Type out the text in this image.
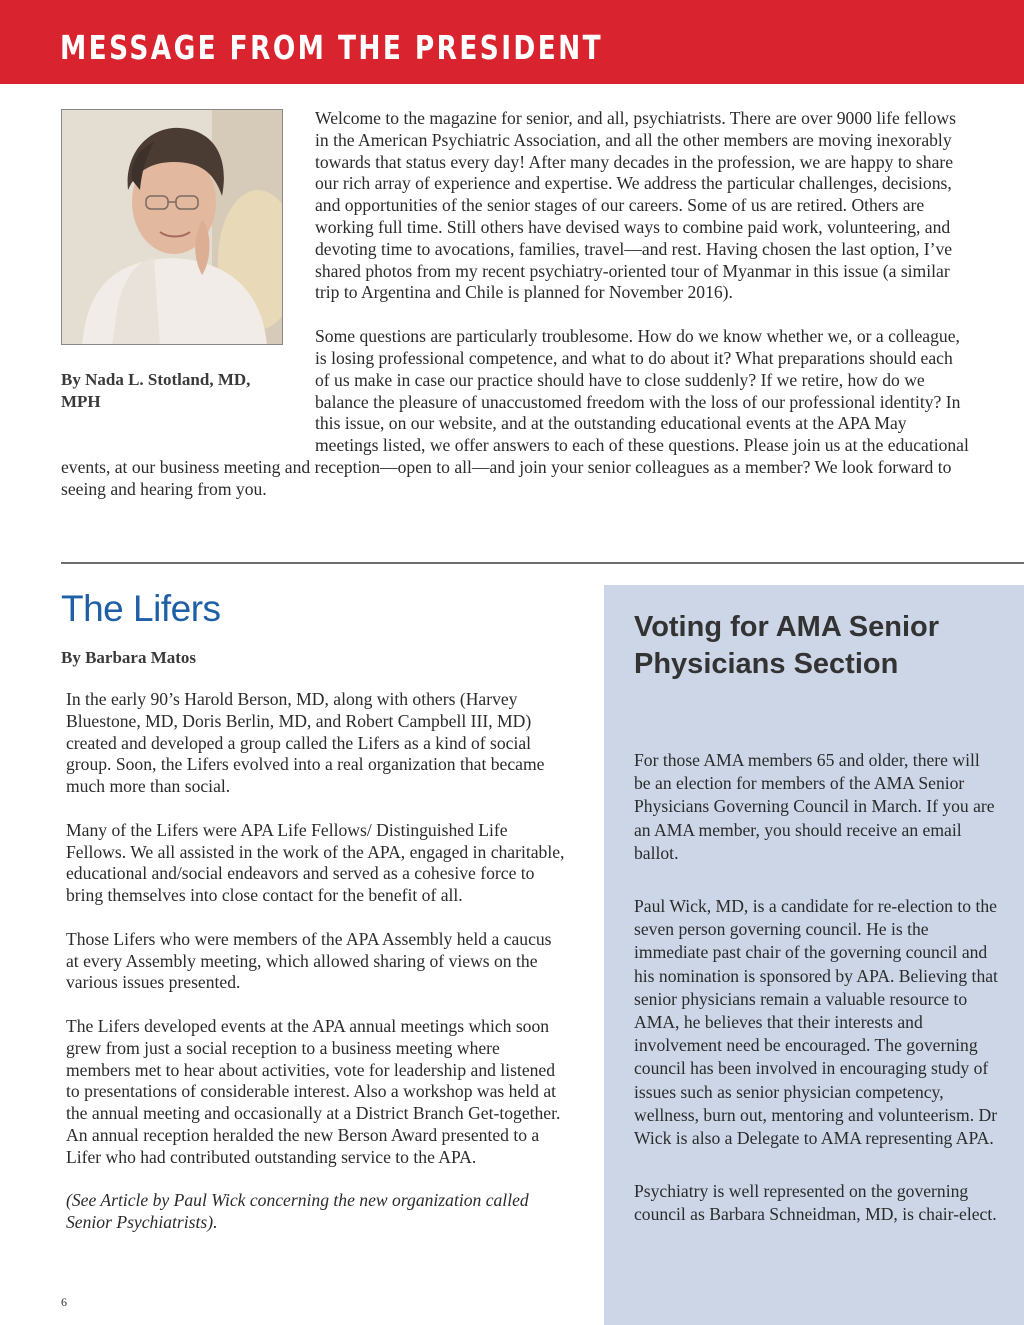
MESSAGE FROM THE PRESIDENT

Welcome to the magazine for senior, and all, psychiatrists. There are over 9000 life fellows in the American Psychiatric Association, and all the other members are moving inexorably towards that status every day! After many decades in the profession, we are happy to share our rich array of experience and expertise. We address the particular challenges, decisions, and opportunities of the senior stages of our careers. Some of us are retired. Others are working full time. Still others have devised ways to combine paid work, volunteering, and devoting time to avocations, families, travel—and rest. Having chosen the last option, I’ve shared photos from my recent psychiatry-oriented tour of Myanmar in this issue (a similar trip to Argentina and Chile is planned for November 2016).

Some questions are particularly troublesome. How do we know whether we, or a colleague, is losing professional competence, and what to do about it? What preparations should each of us make in case our practice should have to close suddenly? If we retire, how do we balance the pleasure of unaccustomed freedom with the loss of our professional identity? In this issue, on our website, and at the outstanding educational events at the APA May meetings listed, we offer answers to each of these questions. Please join us at the educational events, at our business meeting and reception—open to all—and join your senior colleagues as a member? We look forward to seeing and hearing from you.

By Nada L. Stotland, MD, MPH
The Lifers
By Barbara Matos

In the early 90’s Harold Berson, MD, along with others (Harvey Bluestone, MD, Doris Berlin, MD, and Robert Campbell III, MD) created and developed a group called the Lifers as a kind of social group. Soon, the Lifers evolved into a real organization that became much more than social.

Many of the Lifers were APA Life Fellows/ Distinguished Life Fellows. We all assisted in the work of the APA, engaged in charitable, educational and/social endeavors and served as a cohesive force to bring themselves into close contact for the benefit of all.

Those Lifers who were members of the APA Assembly held a caucus at every Assembly meeting, which allowed sharing of views on the various issues presented.

The Lifers developed events at the APA annual meetings which soon grew from just a social reception to a business meeting where members met to hear about activities, vote for leadership and listened to presentations of considerable interest. Also a workshop was held at the annual meeting and occasionally at a District Branch Get-together. An annual reception heralded the new Berson Award presented to a Lifer who had contributed outstanding service to the APA.

(See Article by Paul Wick concerning the new organization called Senior Psychiatrists).

6
Voting for AMA Senior Physicians Section

For those AMA members 65 and older, there will be an election for members of the AMA Senior Physicians Governing Council in March. If you are an AMA member, you should receive an email ballot.

Paul Wick, MD, is a candidate for re-election to the seven person governing council. He is the immediate past chair of the governing council and his nomination is sponsored by APA. Believing that senior physicians remain a valuable resource to AMA, he believes that their interests and involvement need be encouraged. The governing council has been involved in encouraging study of issues such as senior physician competency, wellness, burn out, mentoring and volunteerism. Dr Wick is also a Delegate to AMA representing APA.

Psychiatry is well represented on the governing council as Barbara Schneidman, MD, is chair-elect.
